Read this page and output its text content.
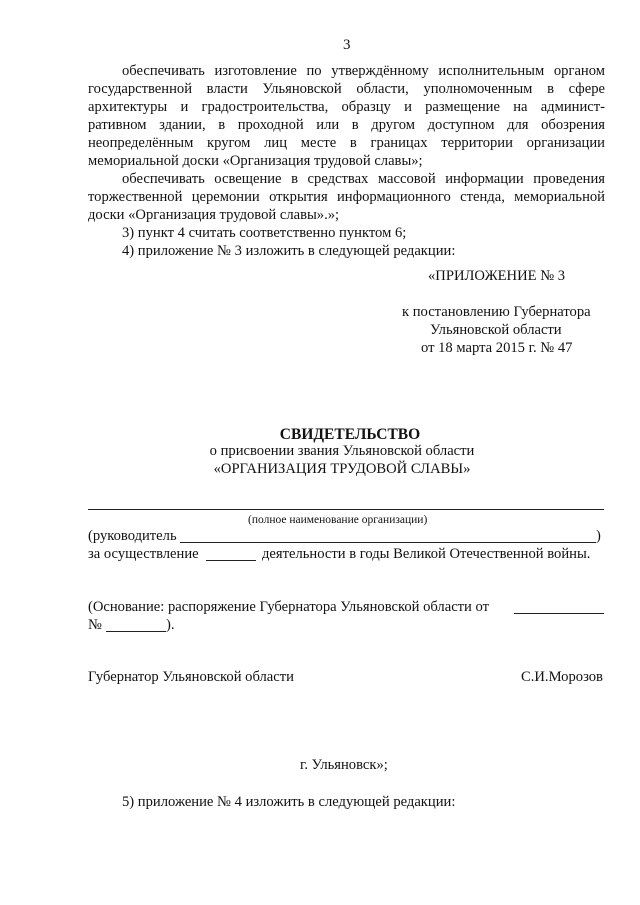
3
обеспечивать изготовление по утверждённому исполнительным органом
государственной власти Ульяновской области, уполномоченным в сфере
архитектуры и градостроительства, образцу и размещение на админист-
ративном здании, в проходной или в другом доступном для обозрения
неопределённым кругом лиц месте в границах территории организации
мемориальной доски «Организация трудовой славы»;
обеспечивать освещение в средствах массовой информации проведения
торжественной церемонии открытия информационного стенда, мемориальной
доски «Организация трудовой славы».»;
3) пункт 4 считать соответственно пунктом 6;
4) приложение № 3 изложить в следующей редакции:
«ПРИЛОЖЕНИЕ № 3
к постановлению Губернатора
Ульяновской области
от 18 марта 2015 г. № 47
СВИДЕТЕЛЬСТВО
о присвоении звания Ульяновской области
«ОРГАНИЗАЦИЯ ТРУДОВОЙ СЛАВЫ»
(полное наименование организации)
(руководитель	)
за осуществление	деятельности в годы Великой Отечественной войны.
(Основание: распоряжение Губернатора Ульяновской области от
№	).
Губернатор Ульяновской области	С.И.Морозов
г. Ульяновск»;
5) приложение № 4 изложить в следующей редакции:
